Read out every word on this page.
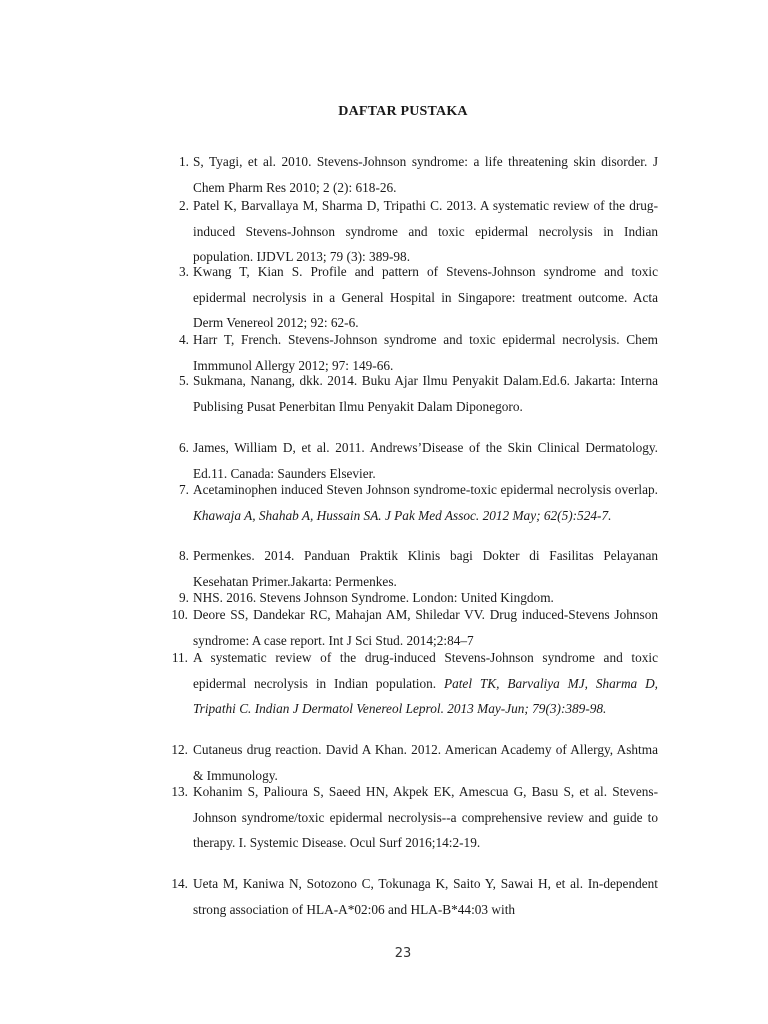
DAFTAR PUSTAKA
1. S, Tyagi, et al. 2010. Stevens-Johnson syndrome: a life threatening skin disorder. J Chem Pharm Res 2010; 2 (2): 618-26.
2. Patel K, Barvallaya M, Sharma D, Tripathi C. 2013. A systematic review of the drug-induced Stevens-Johnson syndrome and toxic epidermal necrolysis in Indian population. IJDVL 2013; 79 (3): 389-98.
3. Kwang T, Kian S. Profile and pattern of Stevens-Johnson syndrome and toxic epidermal necrolysis in a General Hospital in Singapore: treatment outcome. Acta Derm Venereol 2012; 92: 62-6.
4. Harr T, French. Stevens-Johnson syndrome and toxic epidermal necrolysis. Chem Immmunol Allergy 2012; 97: 149-66.
5. Sukmana, Nanang, dkk. 2014. Buku Ajar Ilmu Penyakit Dalam.Ed.6. Jakarta: Interna Publising Pusat Penerbitan Ilmu Penyakit Dalam Diponegoro.
6. James, William D, et al. 2011. Andrews’Disease of the Skin Clinical Dermatology. Ed.11. Canada: Saunders Elsevier.
7. Acetaminophen induced Steven Johnson syndrome-toxic epidermal necrolysis overlap. Khawaja A, Shahab A, Hussain SA. J Pak Med Assoc. 2012 May; 62(5):524-7.
8. Permenkes. 2014. Panduan Praktik Klinis bagi Dokter di Fasilitas Pelayanan Kesehatan Primer.Jakarta: Permenkes.
9. NHS. 2016. Stevens Johnson Syndrome. London: United Kingdom.
10. Deore SS, Dandekar RC, Mahajan AM, Shiledar VV. Drug induced-Stevens Johnson syndrome: A case report. Int J Sci Stud. 2014;2:84–7
11. A systematic review of the drug-induced Stevens-Johnson syndrome and toxic epidermal necrolysis in Indian population. Patel TK, Barvaliya MJ, Sharma D, Tripathi C. Indian J Dermatol Venereol Leprol. 2013 May-Jun; 79(3):389-98.
12. Cutaneus drug reaction. David A Khan. 2012. American Academy of Allergy, Ashtma & Immunology.
13. Kohanim S, Palioura S, Saeed HN, Akpek EK, Amescua G, Basu S, et al. Stevens-Johnson syndrome/toxic epidermal necrolysis--a comprehensive review and guide to therapy. I. Systemic Disease. Ocul Surf 2016;14:2-19.
14. Ueta M, Kaniwa N, Sotozono C, Tokunaga K, Saito Y, Sawai H, et al. In-dependent strong association of HLA-A*02:06 and HLA-B*44:03 with
23
